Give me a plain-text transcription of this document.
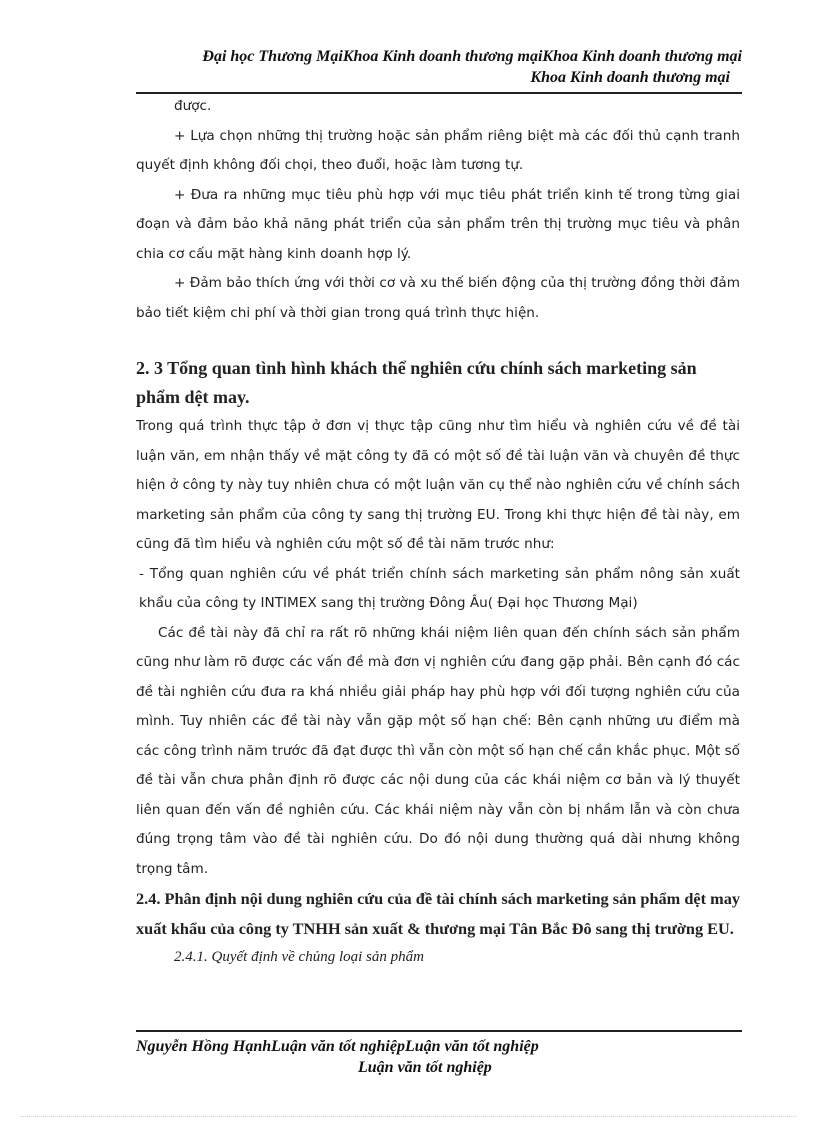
Đại học Thương MạiKhoa Kinh doanh thương mạiKhoa Kinh doanh thương mại
Khoa Kinh doanh thương mại

được.

+ Lựa chọn những thị trường hoặc sản phẩm riêng biệt mà các đối thủ cạnh tranh quyết định không đối chọi, theo đuổi, hoặc làm tương tự.

+ Đưa ra những mục tiêu phù hợp với mục tiêu phát triển kinh tế trong từng giai đoạn và đảm bảo khả năng phát triển của sản phẩm trên thị trường mục tiêu và phân chia cơ cấu mặt hàng kinh doanh hợp lý.

+ Đảm bảo thích ứng với thời cơ và xu thế biến động của thị trường đồng thời đảm bảo tiết kiệm chi phí và thời gian trong quá trình thực hiện.

2. 3 Tổng quan tình hình khách thể nghiên cứu chính sách marketing sản phẩm dệt may.

Trong quá trình thực tập ở đơn vị thực tập cũng như tìm hiểu và nghiên cứu về đề tài luận văn, em nhận thấy về mặt công ty đã có một số đề tài luận văn và chuyên đề thực hiện ở công ty này tuy nhiên chưa có một luận văn cụ thể nào nghiên cứu về chính sách marketing sản phẩm của công ty sang thị trường EU. Trong khi thực hiện đề tài này, em cũng đã tìm hiểu và nghiên cứu một số đề tài năm trước như:

- Tổng quan nghiên cứu về phát triển chính sách marketing sản phẩm nông sản xuất khẩu của công ty INTIMEX sang thị trường Đông Âu( Đại học Thương Mại)

Các đề tài này đã chỉ ra rất rõ những khái niệm liên quan đến chính sách sản phẩm cũng như làm rõ được các vấn đề mà đơn vị nghiên cứu đang gặp phải. Bên cạnh đó các đề tài nghiên cứu đưa ra khá nhiều giải pháp hay phù hợp với đối tượng nghiên cứu của mình. Tuy nhiên các đề tài này vẫn gặp một số hạn chế: Bên cạnh những ưu điểm mà các công trình năm trước đã đạt được thì vẫn còn một số hạn chế cần khắc phục. Một số đề tài vẫn chưa phân định rõ được các nội dung của các khái niệm cơ bản và lý thuyết liên quan đến vấn đề nghiên cứu. Các khái niệm này vẫn còn bị nhầm lẫn và còn chưa đúng trọng tâm vào đề tài nghiên cứu. Do đó nội dung thường quá dài nhưng không trọng tâm.

2.4. Phân định nội dung nghiên cứu của đề tài chính sách marketing sản phẩm dệt may xuất khẩu của công ty TNHH sản xuất & thương mại Tân Bắc Đô sang thị trường EU.

2.4.1. Quyết định về chủng loại sản phẩm

Nguyễn Hồng HạnhLuận văn tốt nghiệpLuận văn tốt nghiệp
Luận văn tốt nghiệp
